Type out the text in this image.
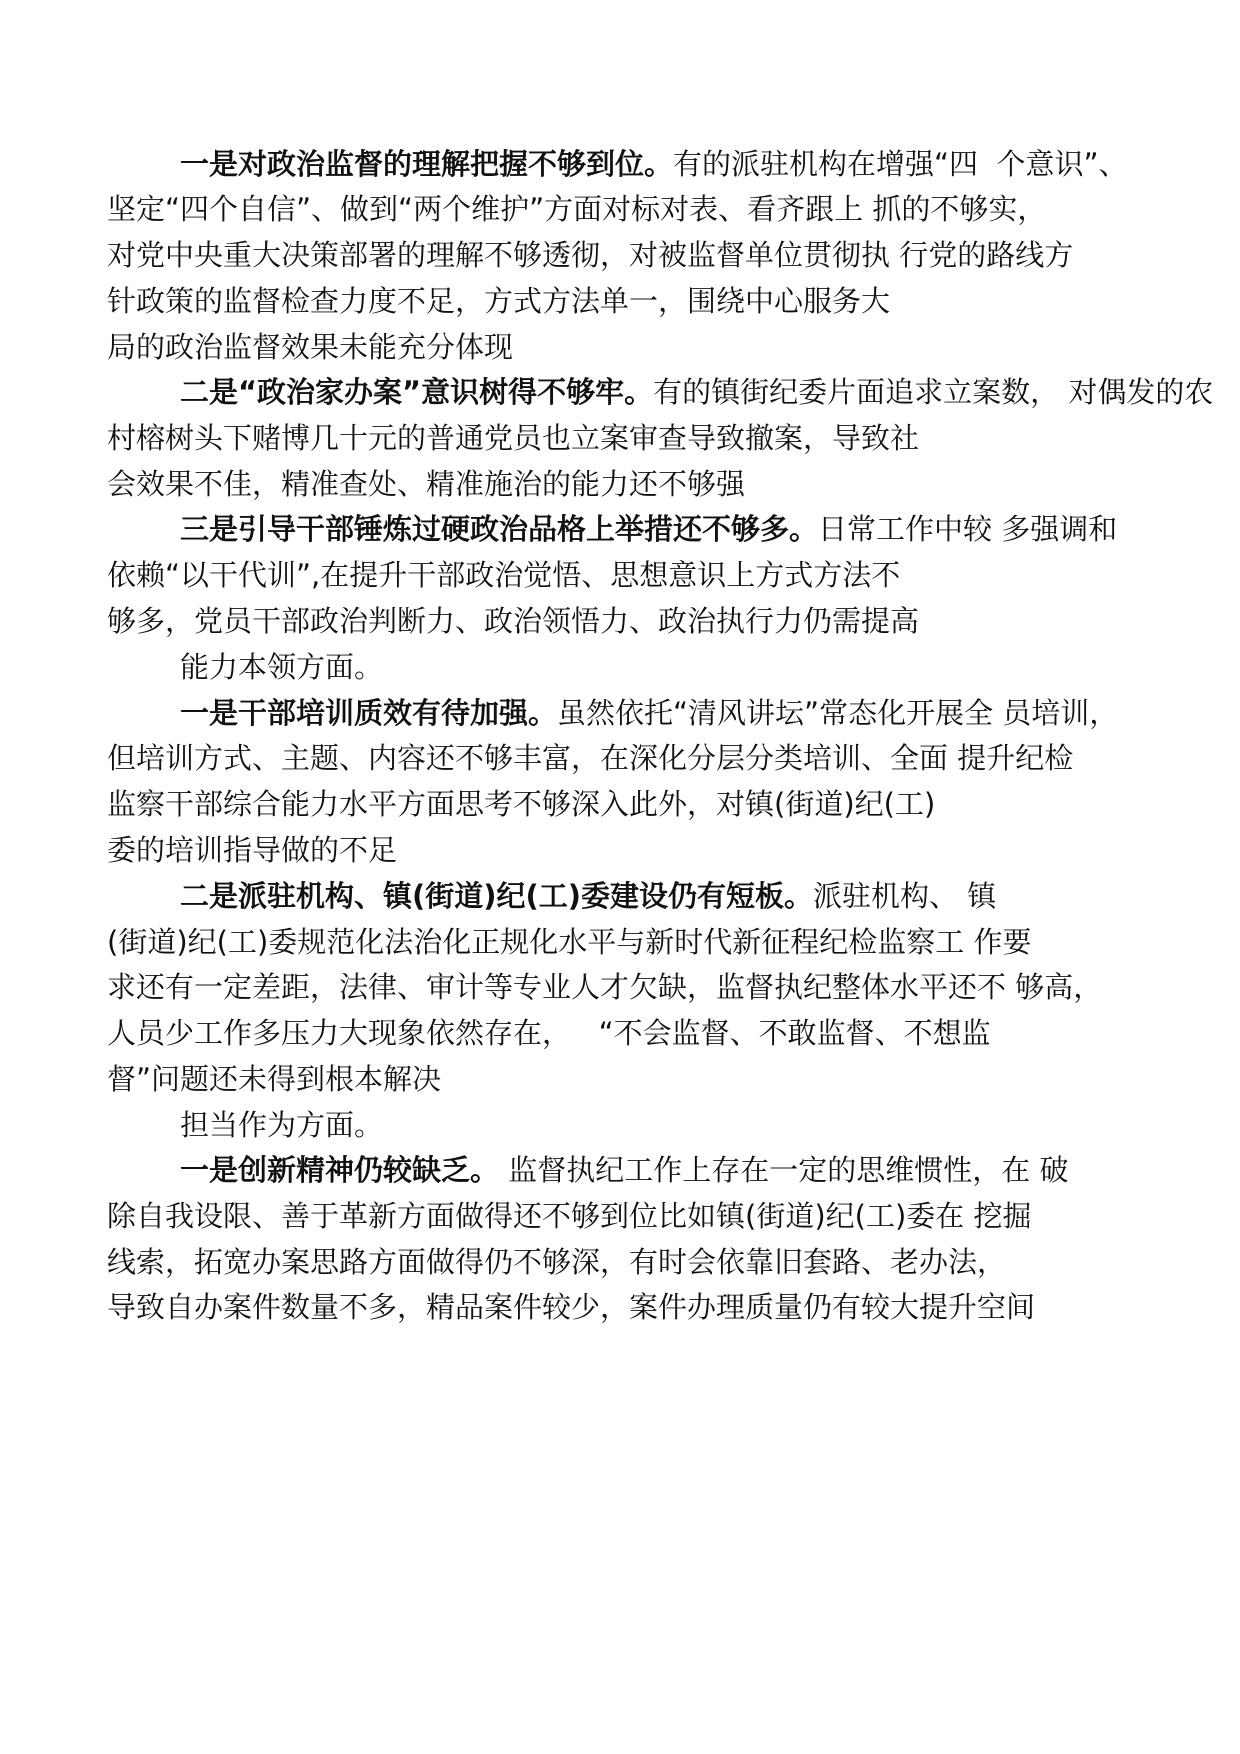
一是对政治监督的理解把握不够到位。有的派驻机构在增强“四  个意识”、
坚定“四个自信”、做到“两个维护”方面对标对表、看齐跟上 抓的不够实，
对党中央重大决策部署的理解不够透彻，对被监督单位贯彻执 行党的路线方
针政策的监督检查力度不足，方式方法单一，围绕中心服务大
局的政治监督效果未能充分体现
二是“政治家办案”意识树得不够牢。有的镇街纪委片面追求立案数， 对偶发的农
村榕树头下赌博几十元的普通党员也立案审查导致撤案，导致社
会效果不佳，精准查处、精准施治的能力还不够强
三是引导干部锤炼过硬政治品格上举措还不够多。日常工作中较 多强调和
依赖“以干代训”,在提升干部政治觉悟、思想意识上方式方法不
够多，党员干部政治判断力、政治领悟力、政治执行力仍需提高
能力本领方面。
一是干部培训质效有待加强。虽然依托“清风讲坛”常态化开展全 员培训，
但培训方式、主题、内容还不够丰富，在深化分层分类培训、全面 提升纪检
监察干部综合能力水平方面思考不够深入此外，对镇(街道)纪(工)
委的培训指导做的不足
二是派驻机构、镇(街道)纪(工)委建设仍有短板。派驻机构、 镇
(街道)纪(工)委规范化法治化正规化水平与新时代新征程纪检监察工 作要
求还有一定差距，法律、审计等专业人才欠缺，监督执纪整体水平还不 够高，
人员少工作多压力大现象依然存在，   “不会监督、不敢监督、不想监
督”问题还未得到根本解决
担当作为方面。
一是创新精神仍较缺乏。 监督执纪工作上存在一定的思维惯性，在 破
除自我设限、善于革新方面做得还不够到位比如镇(街道)纪(工)委在 挖掘
线索，拓宽办案思路方面做得仍不够深，有时会依靠旧套路、老办法，
导致自办案件数量不多，精品案件较少，案件办理质量仍有较大提升空间
